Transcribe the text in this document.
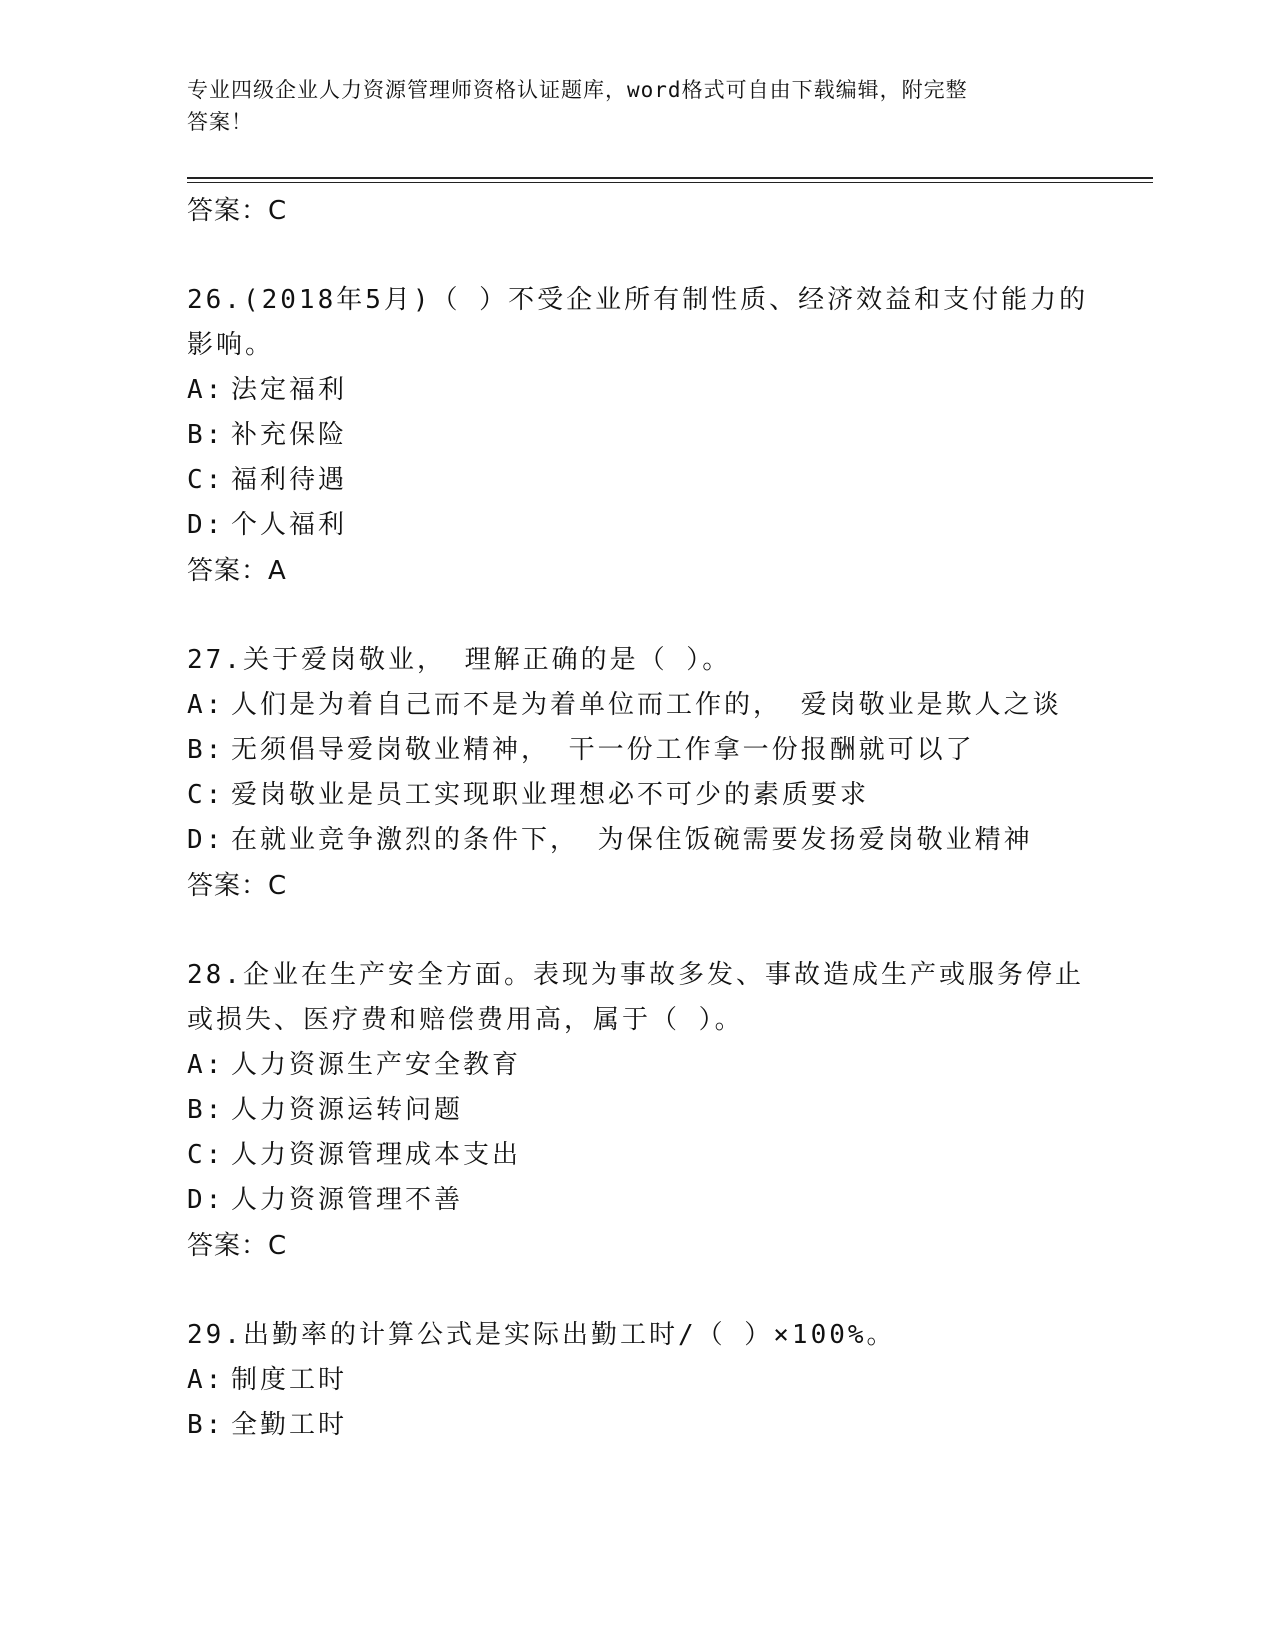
专业四级企业人力资源管理师资格认证题库，word格式可自由下载编辑，附完整
答案！
答案：C
26.(2018年5月)（ ）不受企业所有制性质、经济效益和支付能力的
影响。
A: 法定福利
B: 补充保险
C: 福利待遇
D: 个人福利
答案：A
27.关于爱岗敬业， 理解正确的是（ ）。
A: 人们是为着自己而不是为着单位而工作的， 爱岗敬业是欺人之谈
B: 无须倡导爱岗敬业精神， 干一份工作拿一份报酬就可以了
C: 爱岗敬业是员工实现职业理想必不可少的素质要求
D: 在就业竞争激烈的条件下， 为保住饭碗需要发扬爱岗敬业精神
答案：C
28.企业在生产安全方面。表现为事故多发、事故造成生产或服务停止
或损失、医疗费和赔偿费用高，属于（ ）。
A: 人力资源生产安全教育
B: 人力资源运转问题
C: 人力资源管理成本支出
D: 人力资源管理不善
答案：C
29.出勤率的计算公式是实际出勤工时/（ ）×100%。
A: 制度工时
B: 全勤工时
